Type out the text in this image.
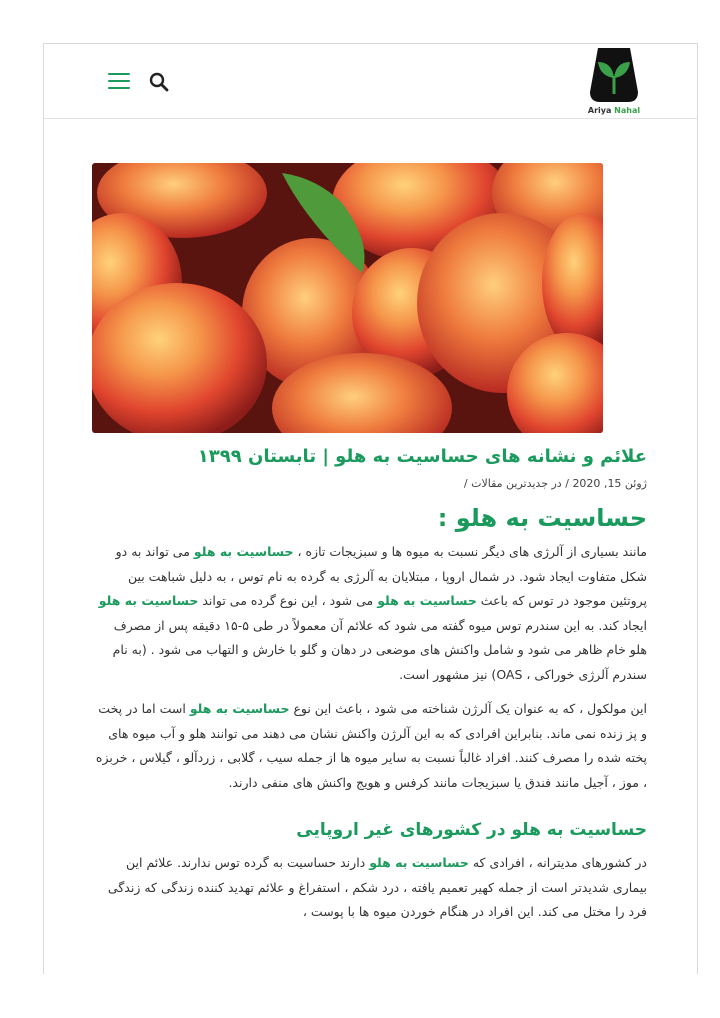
Ariya Nahal
علائم و نشانه های حساسیت به هلو | تابستان ۱۳۹۹
ژوئن 15, 2020 / در جدیدترین مقالات /
حساسیت به هلو :

مانند بسیاری از آلرژی های دیگر نسبت به میوه ها و سبزیجات تازه ، حساسیت به هلو می تواند به دو شکل متفاوت ایجاد شود. در شمال اروپا ، مبتلایان به آلرژی به گرده به نام توس ، به دلیل شباهت بین پروتئین موجود در توس که باعث حساسیت به هلو می شود ، این نوع گرده می تواند حساسیت به هلو ایجاد کند. به این سندرم توس میوه گفته می شود که علائم آن معمولاً در طی ۵-۱۵ دقیقه پس از مصرف هلو خام ظاهر می شود و شامل واکنش های موضعی در دهان و گلو با خارش و التهاب می شود . (به نام سندرم آلرژی خوراکی ، OAS) نیز مشهور است.

این مولکول ، که به عنوان یک آلرژن شناخته می شود ، باعث این نوع حساسیت به هلو است اما در پخت و پز زنده نمی ماند. بنابراین افرادی که به این آلرژن واکنش نشان می دهند می توانند هلو و آب میوه های پخته شده را مصرف کنند. افراد غالباً نسبت به سایر میوه ها از جمله سیب ، گلابی ، زردآلو ، گیلاس ، خربزه ، موز ، آجیل مانند فندق یا سبزیجات مانند کرفس و هویج واکنش های منفی دارند.

حساسیت به هلو در کشورهای غیر اروپایی

در کشورهای مدیترانه ، افرادی که حساسیت به هلو دارند حساسیت به گرده توس ندارند. علائم این بیماری شدیدتر است از جمله کهیر تعمیم یافته ، درد شکم ، استفراغ و علائم تهدید کننده زندگی که زندگی فرد را مختل می کند. این افراد در هنگام خوردن میوه ها با پوست ،
